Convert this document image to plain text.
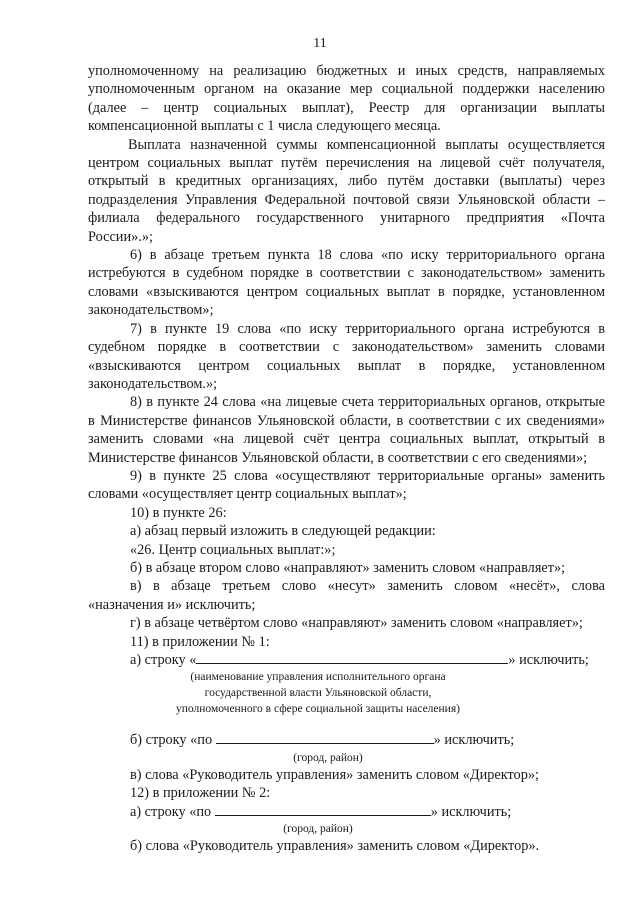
11

уполномоченному на реализацию бюджетных и иных средств, направляемых уполномоченным органом на оказание мер социальной поддержки населению (далее – центр социальных выплат), Реестр для организации выплаты компенсационной выплаты с 1 числа следующего месяца.

Выплата назначенной суммы компенсационной выплаты осуществляется центром социальных выплат путём перечисления на лицевой счёт получателя, открытый в кредитных организациях, либо путём доставки (выплаты) через подразделения Управления Федеральной почтовой связи Ульяновской области – филиала федерального государственного унитарного предприятия «Почта России».»;

6) в абзаце третьем пункта 18 слова «по иску территориального органа истребуются в судебном порядке в соответствии с законодательством» заменить словами «взыскиваются центром социальных выплат в порядке, установленном законодательством»;

7) в пункте 19 слова «по иску территориального органа истребуются в судебном порядке в соответствии с законодательством» заменить словами «взыскиваются центром социальных выплат в порядке, установленном законодательством.»;

8) в пункте 24 слова «на лицевые счета территориальных органов, открытые в Министерстве финансов Ульяновской области, в соответствии с их сведениями» заменить словами «на лицевой счёт центра социальных выплат, открытый в Министерстве финансов Ульяновской области, в соответствии с его сведениями»;

9) в пункте 25 слова «осуществляют территориальные органы» заменить словами «осуществляет центр социальных выплат»;

10) в пункте 26:

а) абзац первый изложить в следующей редакции:

«26. Центр социальных выплат:»;

б) в абзаце втором слово «направляют» заменить словом «направляет»;

в) в абзаце третьем слово «несут» заменить словом «несёт», слова «назначения и» исключить;

г) в абзаце четвёртом слово «направляют» заменить словом «направляет»;

11) в приложении № 1:

а) строку «	» исключить;

(наименование управления исполнительного органа

государственной власти Ульяновской области,

уполномоченного в сфере социальной защиты населения)

б) строку «по	» исключить;

(город, район)

в) слова «Руководитель управления» заменить словом «Директор»;

12) в приложении № 2:

а) строку «по	» исключить;

(город, район)

б) слова «Руководитель управления» заменить словом «Директор».
